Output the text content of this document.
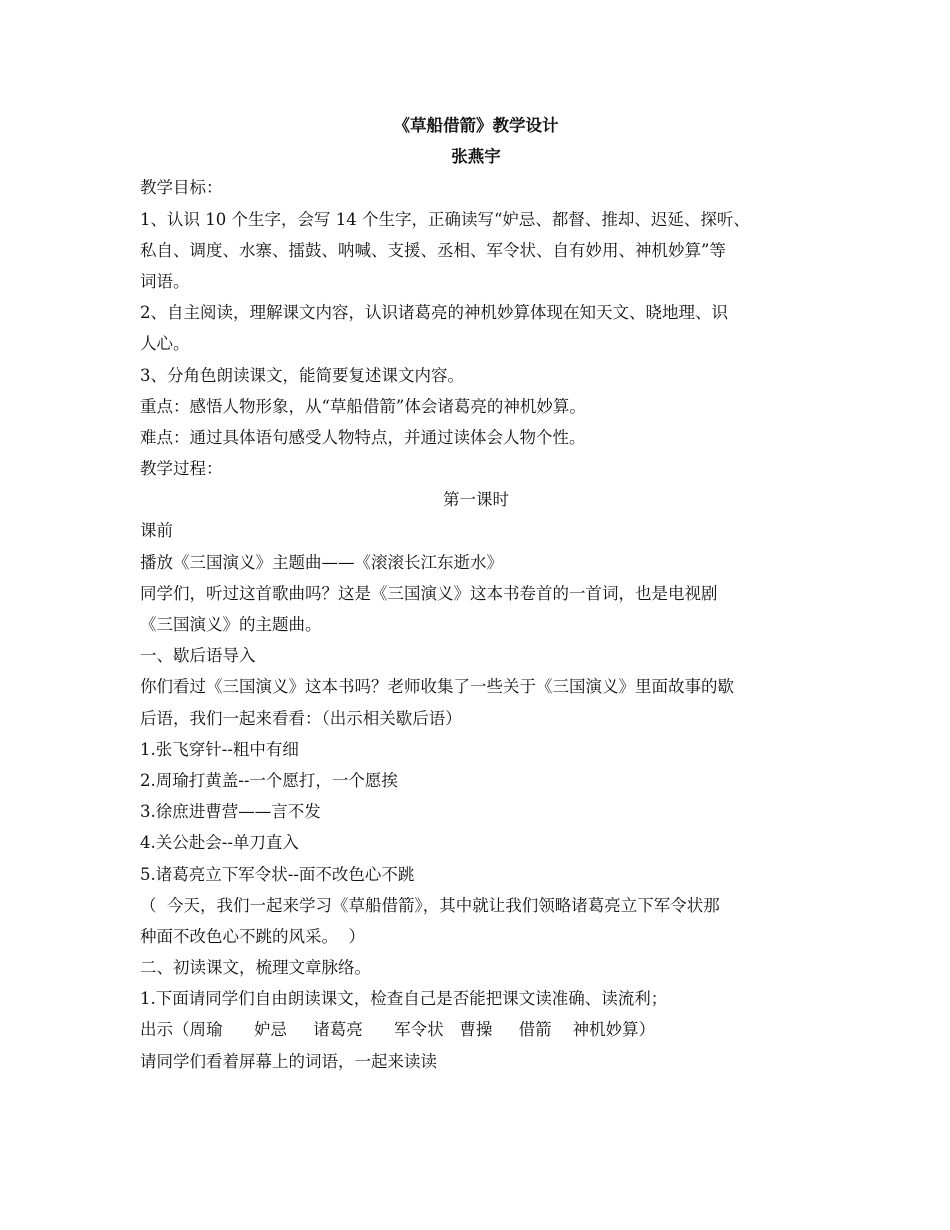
《草船借箭》教学设计
张燕宇
教学目标：
1、认识 10 个生字，会写 14 个生字，正确读写“妒忌、都督、推却、迟延、探听、
私自、调度、水寨、擂鼓、呐喊、支援、丞相、军令状、自有妙用、神机妙算”等
词语。
2、自主阅读，理解课文内容，认识诸葛亮的神机妙算体现在知天文、晓地理、识
人心。
3、分角色朗读课文，能简要复述课文内容。
重点：感悟人物形象，从“草船借箭”体会诸葛亮的神机妙算。
难点：通过具体语句感受人物特点，并通过读体会人物个性。
教学过程：
第一课时
课前
播放《三国演义》主题曲——《滚滚长江东逝水》
同学们，听过这首歌曲吗？这是《三国演义》这本书卷首的一首词，也是电视剧
《三国演义》的主题曲。
一、歇后语导入
你们看过《三国演义》这本书吗？老师收集了一些关于《三国演义》里面故事的歇
后语，我们一起来看看：（出示相关歇后语）
1.张飞穿针--粗中有细
2.周瑜打黄盖--一个愿打，一个愿挨
3.徐庶进曹营——言不发
4.关公赴会--单刀直入
5.诸葛亮立下军令状--面不改色心不跳
（  今天，我们一起来学习《草船借箭》，其中就让我们领略诸葛亮立下军令状那
种面不改色心不跳的风采。  ）
二、初读课文，梳理文章脉络。
1.下面请同学们自由朗读课文，检查自己是否能把课文读准确、读流利；
出示（周瑜      妒忌     诸葛亮      军令状   曹操     借箭    神机妙算）
请同学们看着屏幕上的词语，一起来读读
